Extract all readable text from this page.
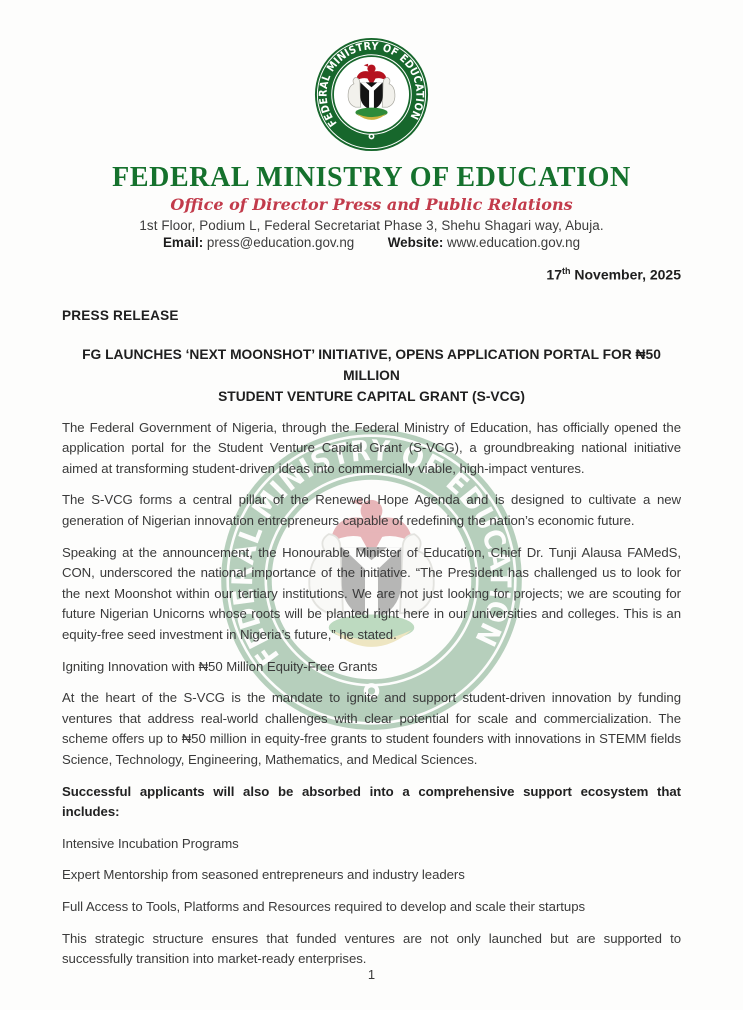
FEDERAL MINISTRY OF EDUCATION
Office of Director Press and Public Relations
1st Floor, Podium L, Federal Secretariat Phase 3, Shehu Shagari way, Abuja.
Email: press@education.gov.ng Website: www.education.gov.ng
17th November, 2025
PRESS RELEASE
FG LAUNCHES ‘NEXT MOONSHOT’ INITIATIVE, OPENS APPLICATION PORTAL FOR ₦50 MILLION
STUDENT VENTURE CAPITAL GRANT (S-VCG)

The Federal Government of Nigeria, through the Federal Ministry of Education, has officially opened the application portal for the Student Venture Capital Grant (S-VCG), a groundbreaking national initiative aimed at transforming student-driven ideas into commercially viable, high-impact ventures.

The S-VCG forms a central pillar of the Renewed Hope Agenda and is designed to cultivate a new generation of Nigerian innovation entrepreneurs capable of redefining the nation’s economic future.

Speaking at the announcement, the Honourable Minister of Education, Chief Dr. Tunji Alausa FAMedS, CON, underscored the national importance of the initiative. “The President has challenged us to look for the next Moonshot within our tertiary institutions. We are not just looking for projects; we are scouting for future Nigerian Unicorns whose roots will be planted right here in our universities and colleges. This is an equity-free seed investment in Nigeria’s future,” he stated.

Igniting Innovation with ₦50 Million Equity-Free Grants

At the heart of the S-VCG is the mandate to ignite and support student-driven innovation by funding ventures that address real-world challenges with clear potential for scale and commercialization. The scheme offers up to ₦50 million in equity-free grants to student founders with innovations in STEMM fields Science, Technology, Engineering, Mathematics, and Medical Sciences.

Successful applicants will also be absorbed into a comprehensive support ecosystem that includes:

Intensive Incubation Programs

Expert Mentorship from seasoned entrepreneurs and industry leaders

Full Access to Tools, Platforms and Resources required to develop and scale their startups

This strategic structure ensures that funded ventures are not only launched but are supported to successfully transition into market-ready enterprises.

1
